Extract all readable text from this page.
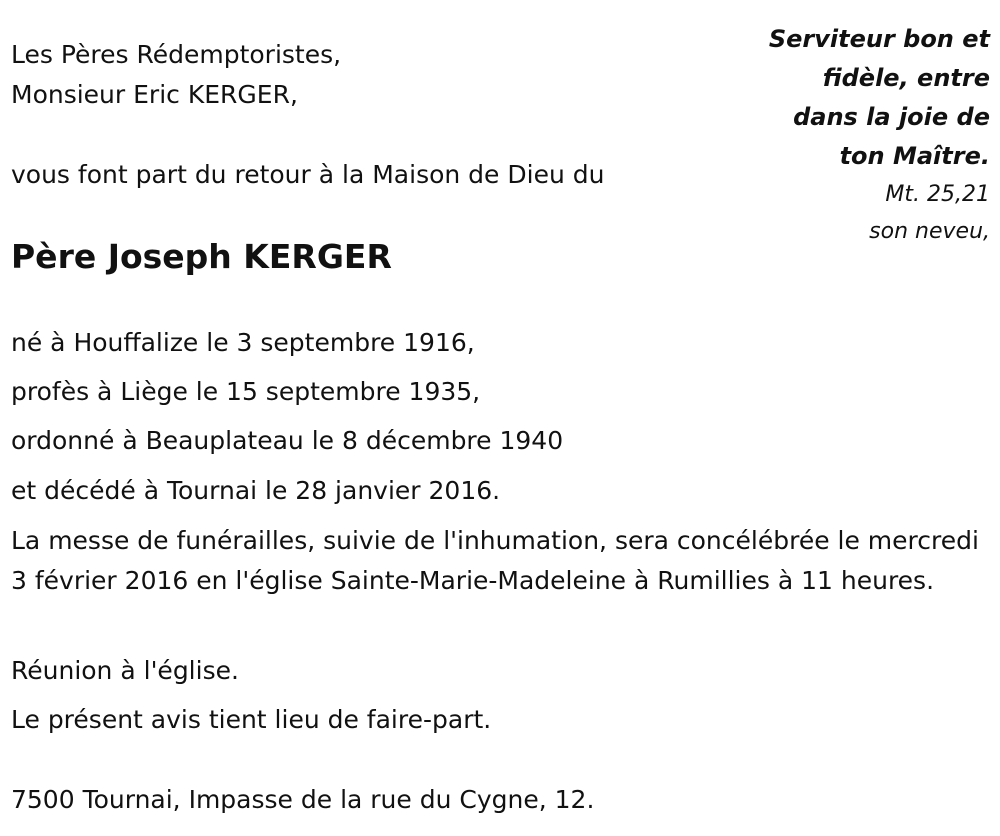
Les Pères Rédemptoristes,
Monsieur Eric KERGER,
vous font part du retour à la Maison de Dieu du
Serviteur bon et fidèle, entre dans la joie de ton Maître.
Mt. 25,21
son neveu,
Père Joseph KERGER
né à Houffalize le 3 septembre 1916,
profès à Liège le 15 septembre 1935,
ordonné à Beauplateau le 8 décembre 1940
et décédé à Tournai le 28 janvier 2016.
La messe de funérailles, suivie de l'inhumation, sera concélébrée le mercredi 3 février 2016 en l'église Sainte-Marie-Madeleine à Rumillies à 11 heures.
Réunion à l'église.
Le présent avis tient lieu de faire-part.
7500 Tournai, Impasse de la rue du Cygne, 12.
